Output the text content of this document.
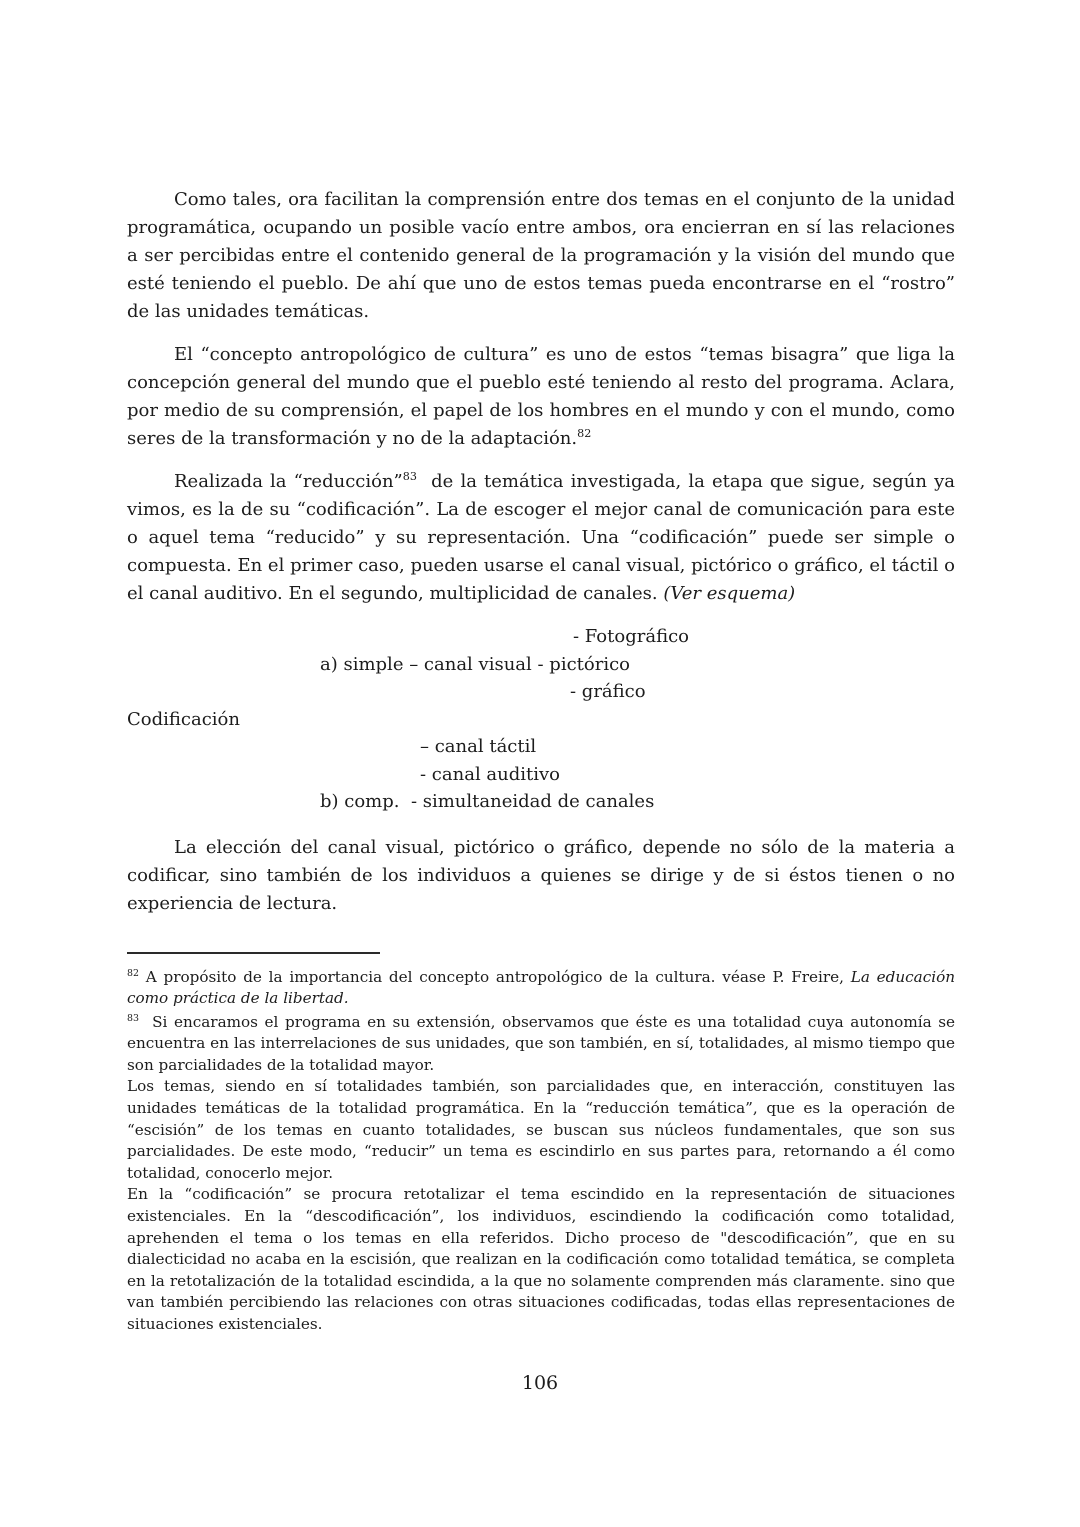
Como tales, ora facilitan la comprensión entre dos temas en el conjunto de la unidad programática, ocupando un posible vacío entre ambos, ora encierran en sí las relaciones a ser percibidas entre el contenido general de la programación y la visión del mundo que esté teniendo el pueblo. De ahí que uno de estos temas pueda encontrarse en el “rostro” de las unidades temáticas.

El “concepto antropológico de cultura” es uno de estos “temas bisagra” que liga la concepción general del mundo que el pueblo esté teniendo al resto del programa. Aclara, por medio de su comprensión, el papel de los hombres en el mundo y con el mundo, como seres de la transformación y no de la adaptación.$^{82}$

Realizada la “reducción”$^{83}$  de la temática investigada, la etapa que sigue, según ya vimos, es la de su “codificación”. La de escoger el mejor canal de comunicación para este o aquel tema “reducido” y su representación. Una “codificación” puede ser simple o compuesta. En el primer caso, pueden usarse el canal visual, pictórico o gráfico, el táctil o el canal auditivo. En el segundo, multiplicidad de canales. (Ver esquema)

- Fotográfico
a) simple – canal visual - pictórico
- gráfico
Codificación
– canal táctil
- canal auditivo
b) comp.  - simultaneidad de canales

La elección del canal visual, pictórico o gráfico, depende no sólo de la materia a codificar, sino también de los individuos a quienes se dirige y de si éstos tienen o no experiencia de lectura.

$^{82}$ A propósito de la importancia del concepto antropológico de la cultura. véase P. Freire, La educación como práctica de la libertad.

$^{83}$  Si encaramos el programa en su extensión, observamos que éste es una totalidad cuya autonomía se encuentra en las interrelaciones de sus unidades, que son también, en sí, totalidades, al mismo tiempo que son parcialidades de la totalidad mayor.

Los temas, siendo en sí totalidades también, son parcialidades que, en interacción, constituyen las unidades temáticas de la totalidad programática. En la “reducción temática”, que es la operación de “escisión” de los temas en cuanto totalidades, se buscan sus núcleos fundamentales, que son sus parcialidades. De este modo, “reducir” un tema es escindirlo en sus partes para, retornando a él como totalidad, conocerlo mejor.

En la “codificación” se procura retotalizar el tema escindido en la representación de situaciones existenciales. En la “descodificación”, los individuos, escindiendo la codificación como totalidad, aprehenden el tema o los temas en ella referidos. Dicho proceso de "descodificación”, que en su dialecticidad no acaba en la escisión, que realizan en la codificación como totalidad temática, se completa en la retotalización de la totalidad escindida, a la que no solamente comprenden más claramente. sino que van también percibiendo las relaciones con otras situaciones codificadas, todas ellas representaciones de situaciones existenciales.

106
